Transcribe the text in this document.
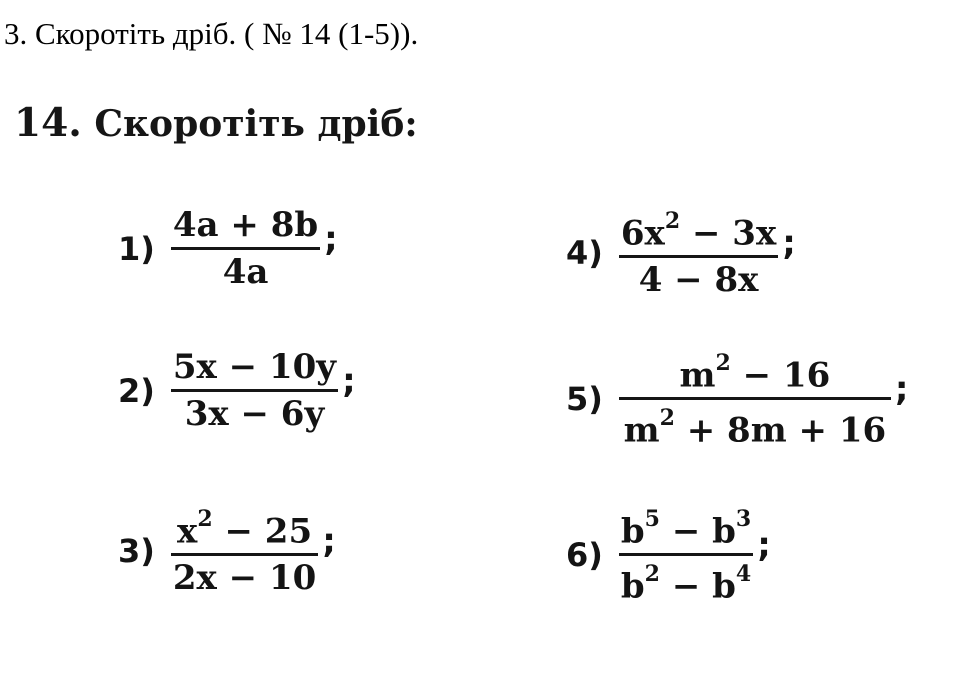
3. Скоротіть дріб. ( № 14 (1-5)).
14. Скоротіть дріб:
$1) \frac{4a + 8b}{4a}$ ;
$2) \frac{5x - 10y}{3x - 6y}$ ;
$3) \frac{x^2 - 25}{2x - 10}$ ;
$4) \frac{6x^2 - 3x}{4 - 8x}$ ;
$5) \frac{m^2 - 16}{m^2 + 8m + 16}$ ;
$6) \frac{b^5 - b^3}{b^2 - b^4}$ ;
